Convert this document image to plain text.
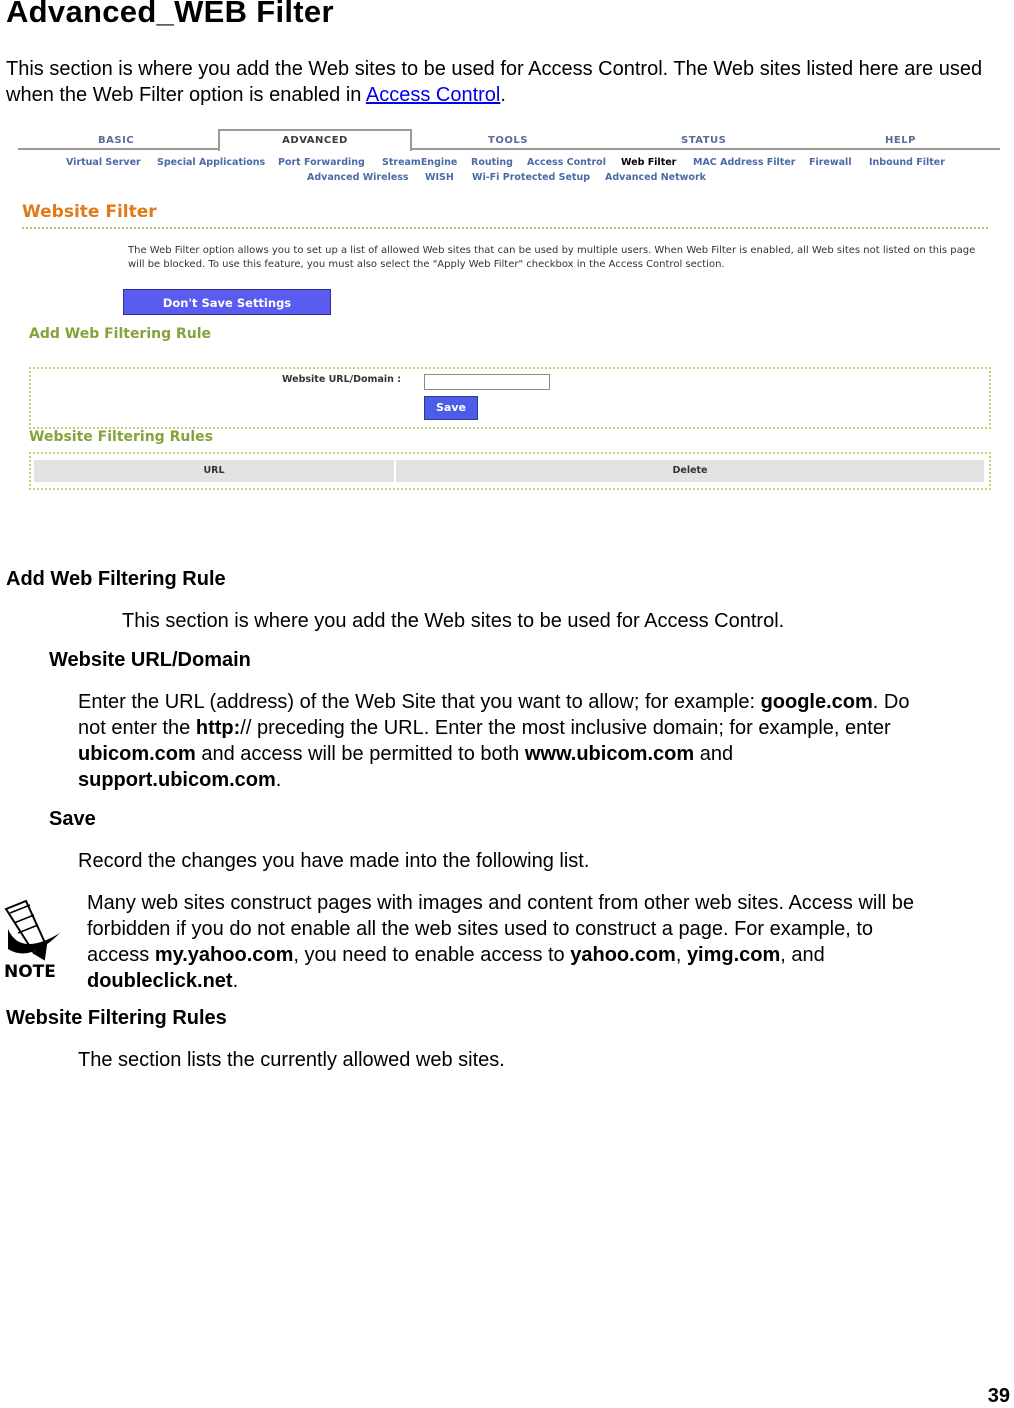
Advanced_WEB Filter
This section is where you add the Web sites to be used for Access Control. The Web sites listed here are used when the Web Filter option is enabled in Access Control.
BASIC	ADVANCED	TOOLS	STATUS	HELP
Virtual Server Special Applications Port Forwarding StreamEngine Routing Access Control Web Filter MAC Address Filter Firewall Inbound Filter
Advanced Wireless WISH Wi-Fi Protected Setup Advanced Network
Website Filter
The Web Filter option allows you to set up a list of allowed Web sites that can be used by multiple users. When Web Filter is enabled, all Web sites not listed on this page will be blocked. To use this feature, you must also select the "Apply Web Filter" checkbox in the Access Control section.
Don't Save Settings
Add Web Filtering Rule
Website URL/Domain :
Save
Website Filtering Rules
URL	Delete
Add Web Filtering Rule
This section is where you add the Web sites to be used for Access Control.
Website URL/Domain
Enter the URL (address) of the Web Site that you want to allow; for example: google.com. Do
not enter the http:// preceding the URL. Enter the most inclusive domain; for example, enter
ubicom.com and access will be permitted to both www.ubicom.com and
support.ubicom.com.
Save
Record the changes you have made into the following list.
NOTE
Many web sites construct pages with images and content from other web sites. Access will be
forbidden if you do not enable all the web sites used to construct a page. For example, to
access my.yahoo.com, you need to enable access to yahoo.com, yimg.com, and
doubleclick.net.
Website Filtering Rules
The section lists the currently allowed web sites.
39
